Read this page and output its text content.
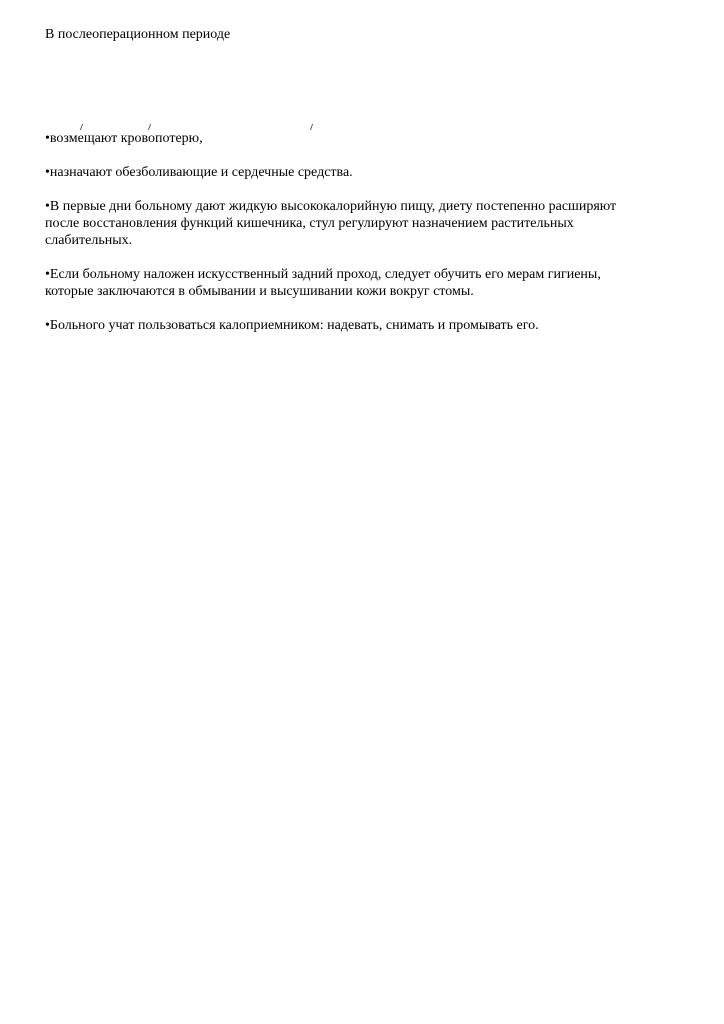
В послеоперационном периоде

•возмещают кровопотерю,

•назначают обезболивающие и сердечные средства.

•В первые дни больному дают жидкую высококалорийную пищу, диету постепенно расширяют после восстановления функций кишечника, стул регулируют назначением растительных слабительных.

•Если больному наложен искусственный задний проход, следует обучить его мерам гигиены, которые заключаются в обмывании и высушивании кожи вокруг стомы.

•Больного учат пользоваться калоприемником: надевать, снимать и промывать его.
